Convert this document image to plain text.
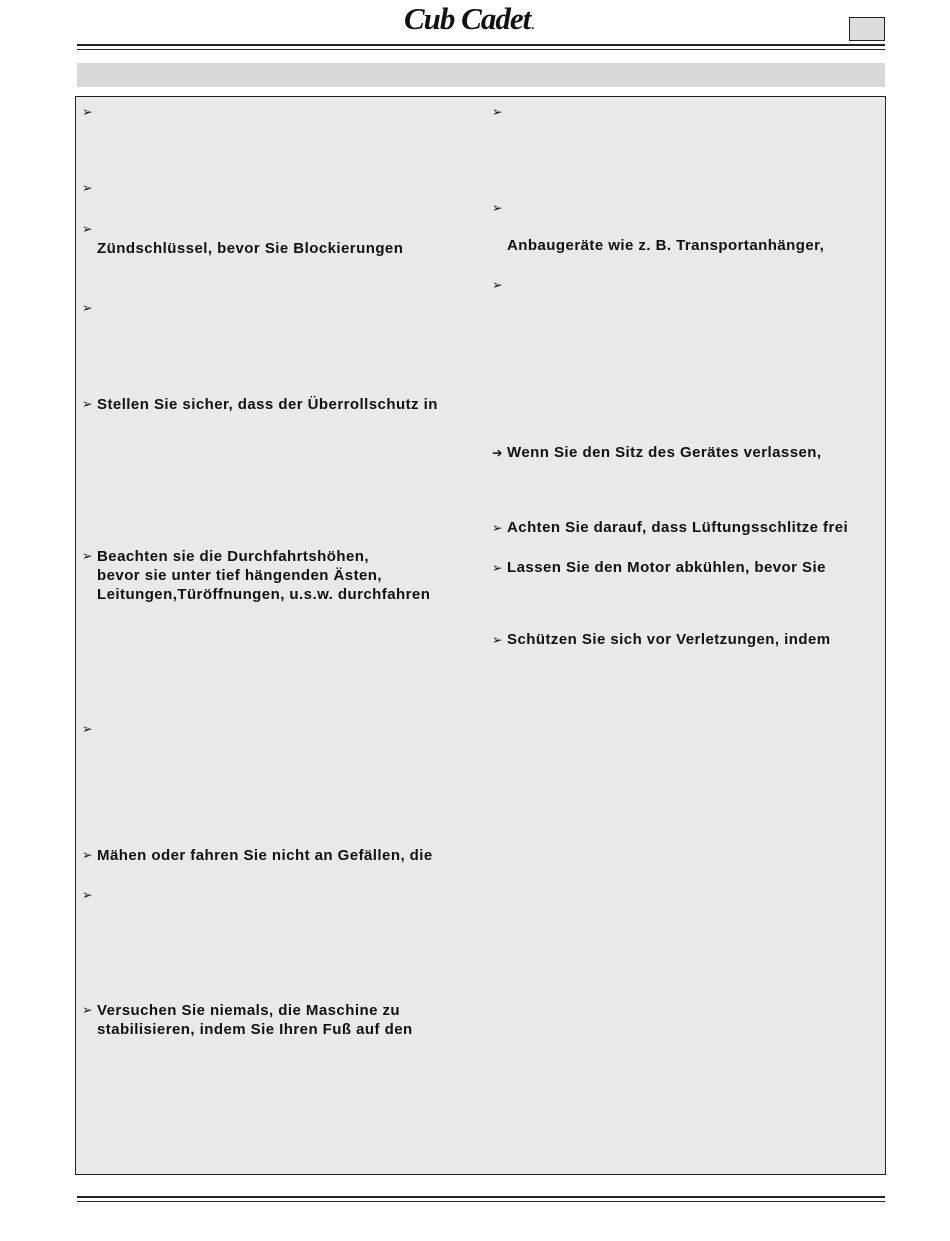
Cub Cadet.
➢
➢
➢
Zündschlüssel, bevor Sie Blockierungen
➢
➢ Stellen Sie sicher, dass der Überrollschutz in
➢ Beachten sie die Durchfahrtshöhen,
bevor sie unter tief hängenden Ästen,
Leitungen,Türöffnungen, u.s.w. durchfahren
➢
➢ Mähen oder fahren Sie nicht an Gefällen, die
➢
➢ Versuchen Sie niemals, die Maschine zu
stabilisieren, indem Sie Ihren Fuß auf den
➢
➢
Anbaugeräte wie z. B. Transportanhänger,
➢
➔ Wenn Sie den Sitz des Gerätes verlassen,
➢ Achten Sie darauf, dass Lüftungsschlitze frei
➢ Lassen Sie den Motor abkühlen, bevor Sie
➢ Schützen Sie sich vor Verletzungen, indem
